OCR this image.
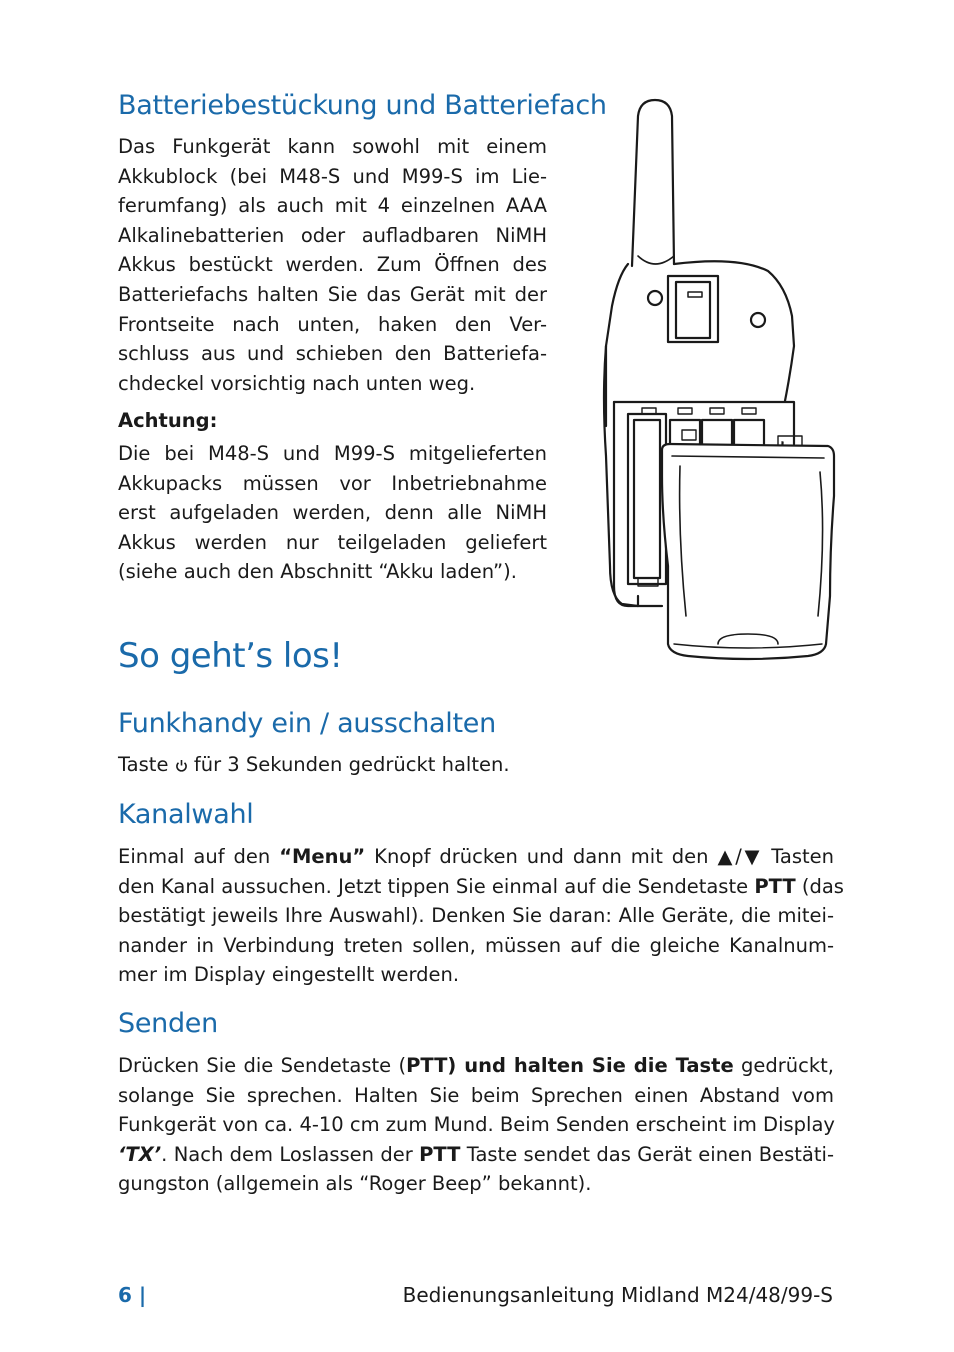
Batteriebestückung und Batteriefach
Das Funkgerät kann sowohl mit einem
Akkublock (bei M48-S und M99-S im Lie-
ferumfang) als auch mit 4 einzelnen AAA
Alkalinebatterien oder aufladbaren NiMH
Akkus bestückt werden. Zum Öffnen des
Batteriefachs halten Sie das Gerät mit der
Frontseite nach unten, haken den Ver-
schluss aus und schieben den Batteriefa-
chdeckel vorsichtig nach unten weg.
Achtung:
Die bei M48-S und M99-S mitgelieferten
Akkupacks müssen vor Inbetriebnahme
erst aufgeladen werden, denn alle NiMH
Akkus werden nur teilgeladen geliefert
(siehe auch den Abschnitt “Akku laden”).
So geht’s los!
Funkhandy ein / ausschalten
Taste  für 3 Sekunden gedrückt halten.
Kanalwahl
Einmal auf den “Menu” Knopf drücken und dann mit den ▲/▼ Tasten
den Kanal aussuchen. Jetzt tippen Sie einmal auf die Sendetaste PTT (das
bestätigt jeweils Ihre Auswahl). Denken Sie daran: Alle Geräte, die mitei-
nander in Verbindung treten sollen, müssen auf die gleiche Kanalnum-
mer im Display eingestellt werden.
Senden
Drücken Sie die Sendetaste (PTT) und halten Sie die Taste gedrückt,
solange Sie sprechen. Halten Sie beim Sprechen einen Abstand vom
Funkgerät von ca. 4-10 cm zum Mund. Beim Senden erscheint im Display
‘TX’. Nach dem Loslassen der PTT Taste sendet das Gerät einen Bestäti-
gungston (allgemein als “Roger Beep” bekannt).
6 |	Bedienungsanleitung Midland M24/48/99-S
